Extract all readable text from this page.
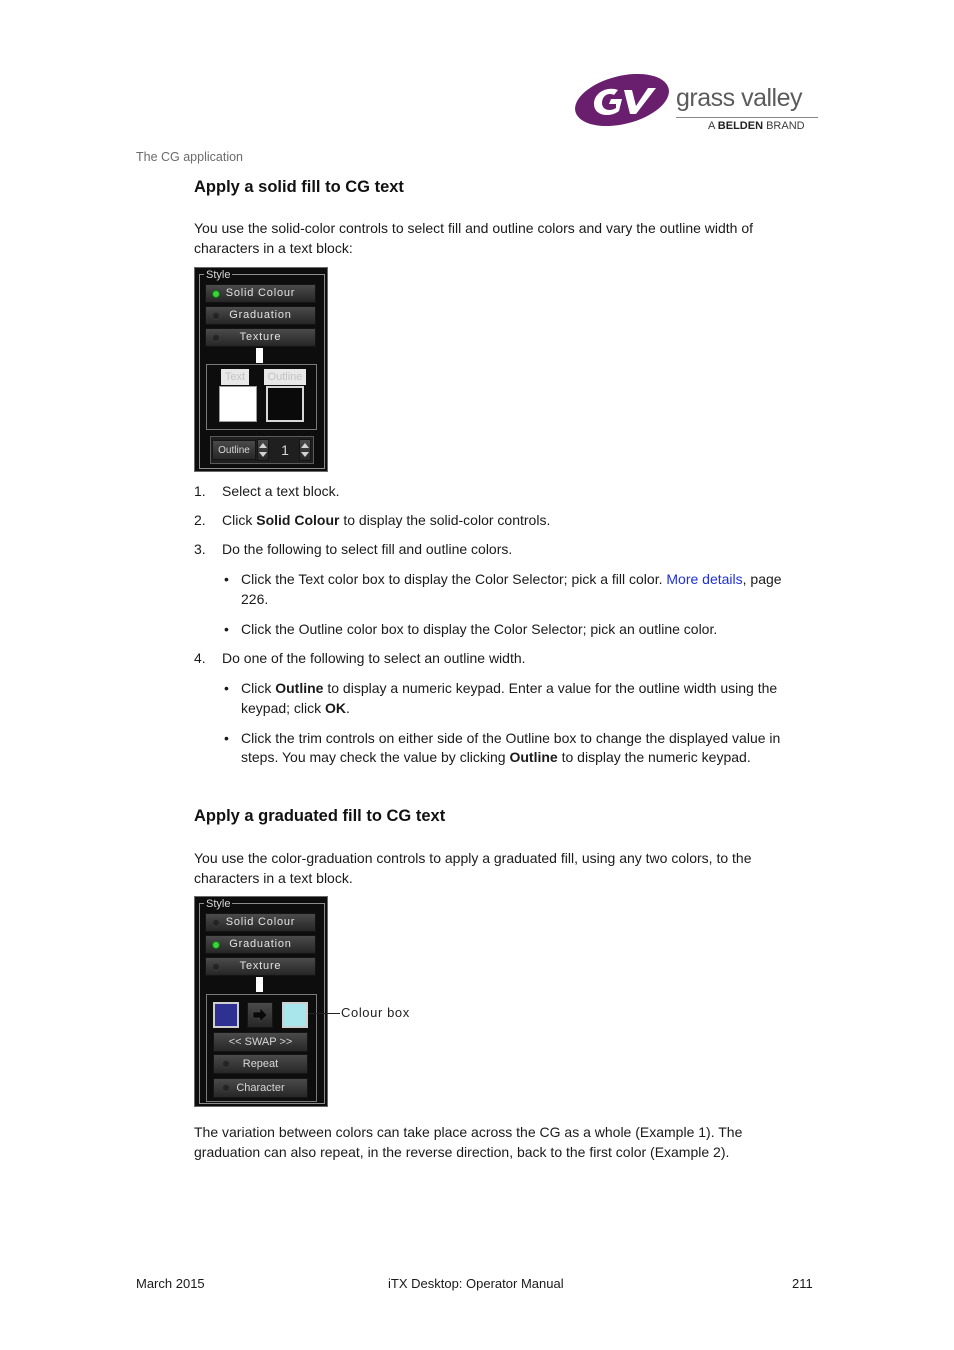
grass valley
A BELDEN BRAND
The CG application
Apply a solid fill to CG text
You use the solid-color controls to select fill and outline colors and vary the outline width of
characters in a text block:
Style
Solid Colour
Graduation
Texture
Text	Outline
Outline	1
1.	Select a text block.
2.	Click Solid Colour to display the solid-color controls.
3.	Do the following to select fill and outline colors.
• Click the Text color box to display the Color Selector; pick a fill color. More details, page
226.
• Click the Outline color box to display the Color Selector; pick an outline color.
4.	Do one of the following to select an outline width.
• Click Outline to display a numeric keypad. Enter a value for the outline width using the
keypad; click OK.
• Click the trim controls on either side of the Outline box to change the displayed value in
steps. You may check the value by clicking Outline to display the numeric keypad.
Apply a graduated fill to CG text
You use the color-graduation controls to apply a graduated fill, using any two colors, to the
characters in a text block.
Style
Solid Colour
Graduation
Texture
<< SWAP >>
Repeat
Character
Colour box
The variation between colors can take place across the CG as a whole (Example 1). The
graduation can also repeat, in the reverse direction, back to the first color (Example 2).
March 2015	iTX Desktop: Operator Manual	211
